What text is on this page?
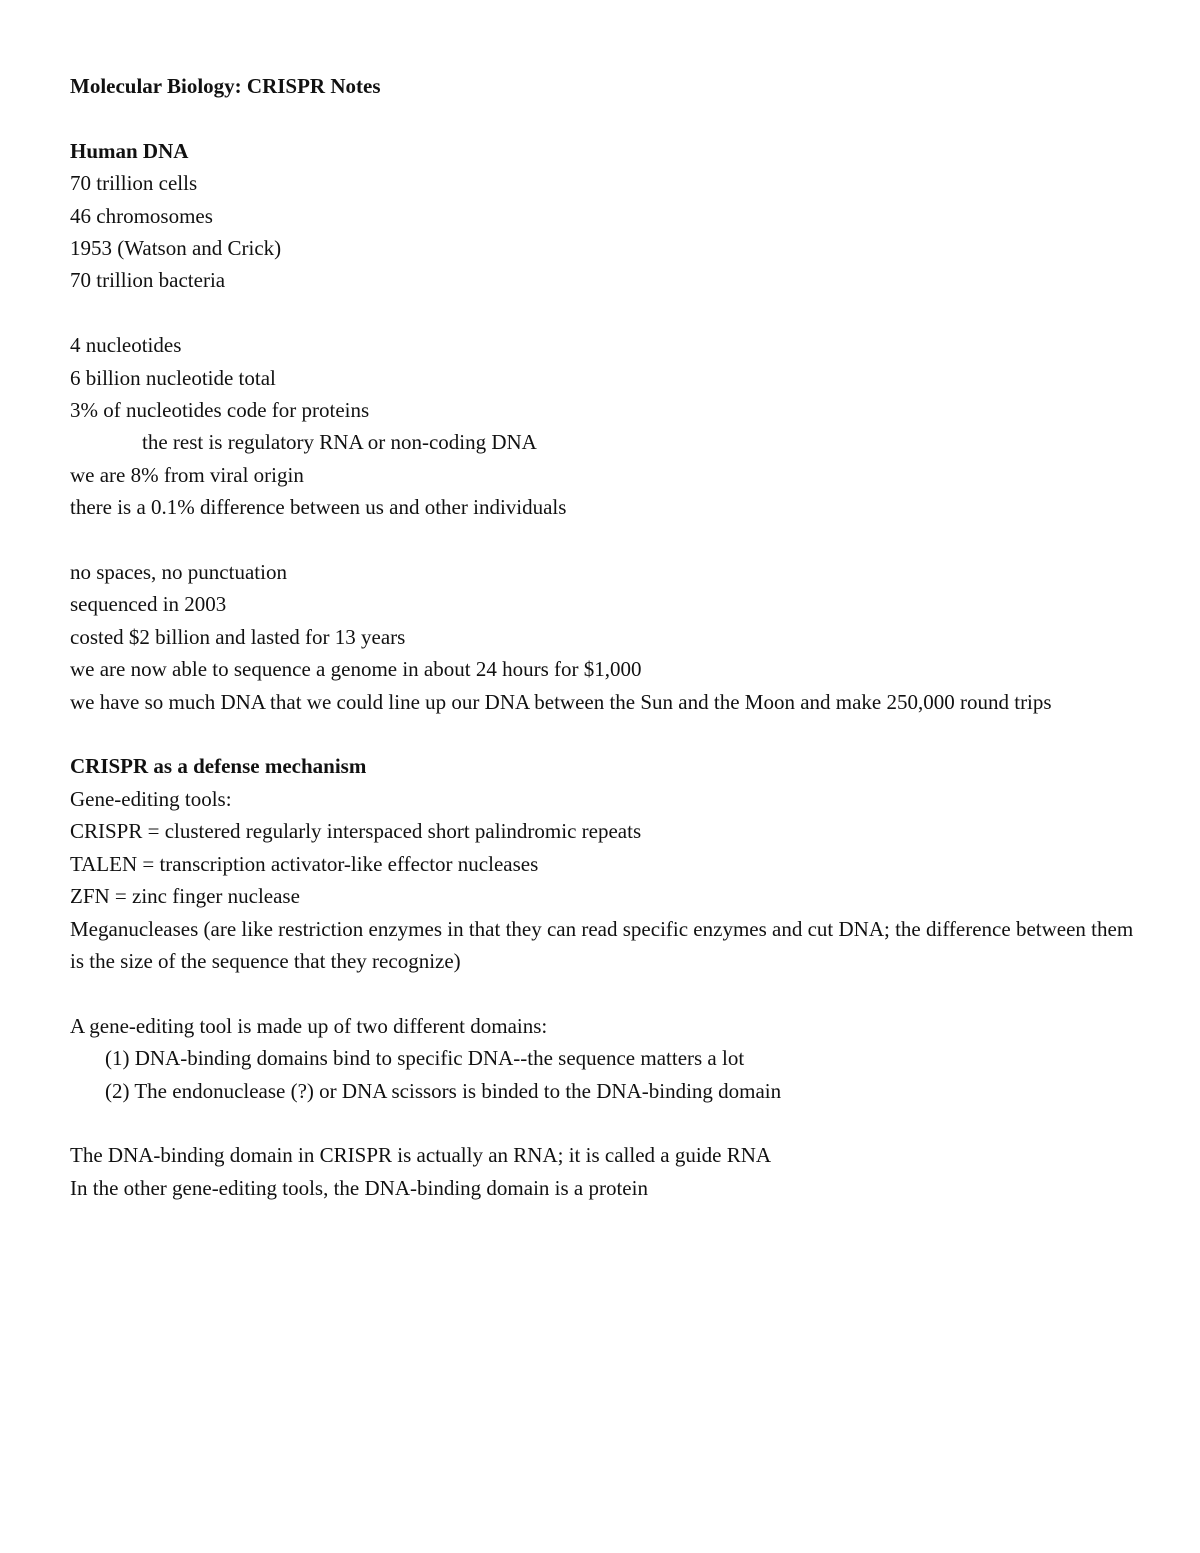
Molecular Biology: CRISPR Notes
Human DNA
70 trillion cells
46 chromosomes
1953 (Watson and Crick)
70 trillion bacteria
4 nucleotides
6 billion nucleotide total
3% of nucleotides code for proteins
the rest is regulatory RNA or non-coding DNA
we are 8% from viral origin
there is a 0.1% difference between us and other individuals
no spaces, no punctuation
sequenced in 2003
costed $2 billion and lasted for 13 years
we are now able to sequence a genome in about 24 hours for $1,000
we have so much DNA that we could line up our DNA between the Sun and the Moon and make 250,000 round trips
CRISPR as a defense mechanism
Gene-editing tools:
CRISPR = clustered regularly interspaced short palindromic repeats
TALEN = transcription activator-like effector nucleases
ZFN = zinc finger nuclease
Meganucleases (are like restriction enzymes in that they can read specific enzymes and cut DNA; the difference between them is the size of the sequence that they recognize)
A gene-editing tool is made up of two different domains:
(1) DNA-binding domains bind to specific DNA--the sequence matters a lot
(2) The endonuclease (?) or DNA scissors is binded to the DNA-binding domain
The DNA-binding domain in CRISPR is actually an RNA; it is called a guide RNA
In the other gene-editing tools, the DNA-binding domain is a protein
